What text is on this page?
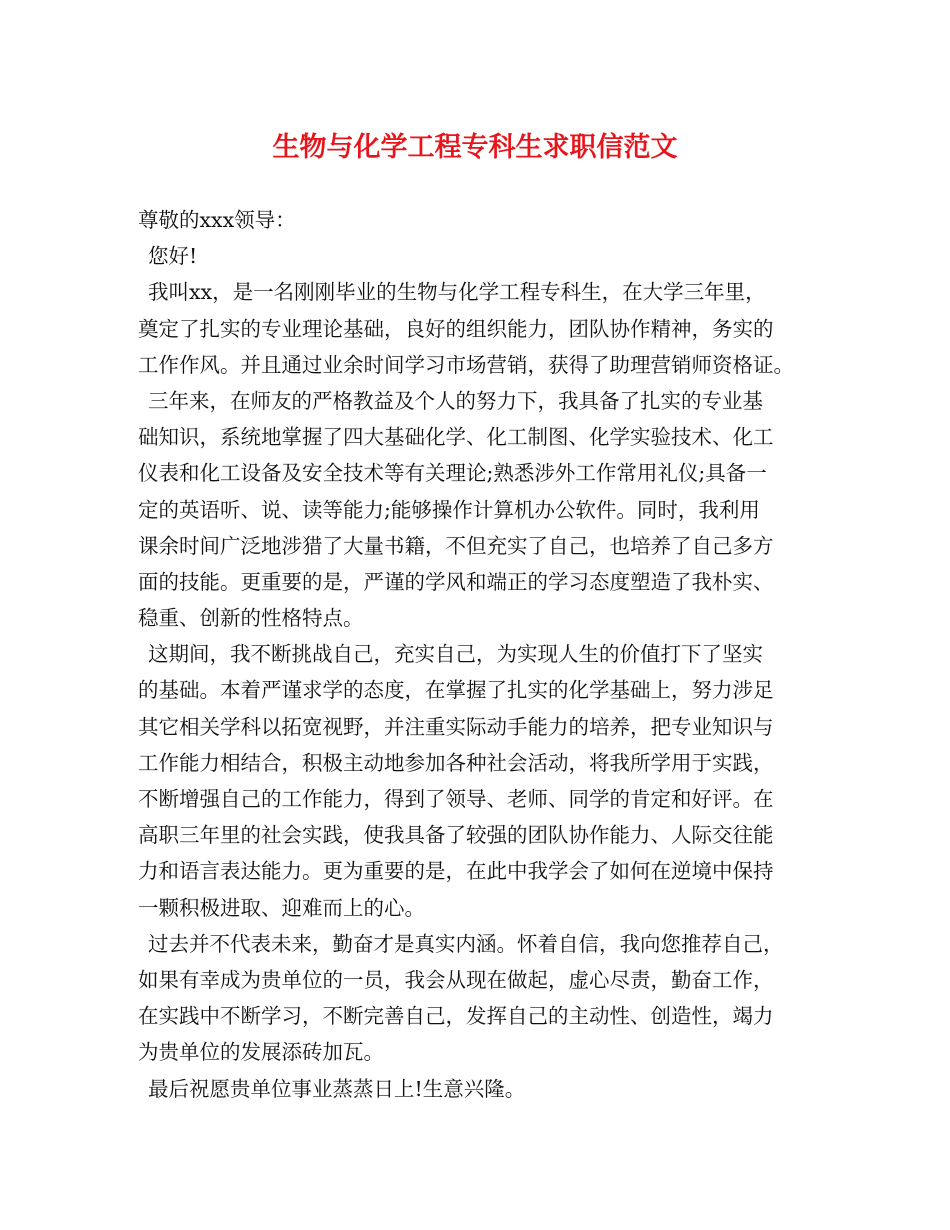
生物与化学工程专科生求职信范文
尊敬的xxx领导：
您好!
我叫xx，是一名刚刚毕业的生物与化学工程专科生，在大学三年里，
奠定了扎实的专业理论基础，良好的组织能力，团队协作精神，务实的
工作作风。并且通过业余时间学习市场营销，获得了助理营销师资格证。
三年来，在师友的严格教益及个人的努力下，我具备了扎实的专业基
础知识，系统地掌握了四大基础化学、化工制图、化学实验技术、化工
仪表和化工设备及安全技术等有关理论;熟悉涉外工作常用礼仪;具备一
定的英语听、说、读等能力;能够操作计算机办公软件。同时，我利用
课余时间广泛地涉猎了大量书籍，不但充实了自己，也培养了自己多方
面的技能。更重要的是，严谨的学风和端正的学习态度塑造了我朴实、
稳重、创新的性格特点。
这期间，我不断挑战自己，充实自己，为实现人生的价值打下了坚实
的基础。本着严谨求学的态度，在掌握了扎实的化学基础上，努力涉足
其它相关学科以拓宽视野，并注重实际动手能力的培养，把专业知识与
工作能力相结合，积极主动地参加各种社会活动，将我所学用于实践，
不断增强自己的工作能力，得到了领导、老师、同学的肯定和好评。在
高职三年里的社会实践，使我具备了较强的团队协作能力、人际交往能
力和语言表达能力。更为重要的是，在此中我学会了如何在逆境中保持
一颗积极进取、迎难而上的心。
过去并不代表未来，勤奋才是真实内涵。怀着自信，我向您推荐自己，
如果有幸成为贵单位的一员，我会从现在做起，虚心尽责，勤奋工作，
在实践中不断学习，不断完善自己，发挥自己的主动性、创造性，竭力
为贵单位的发展添砖加瓦。
最后祝愿贵单位事业蒸蒸日上!生意兴隆。
